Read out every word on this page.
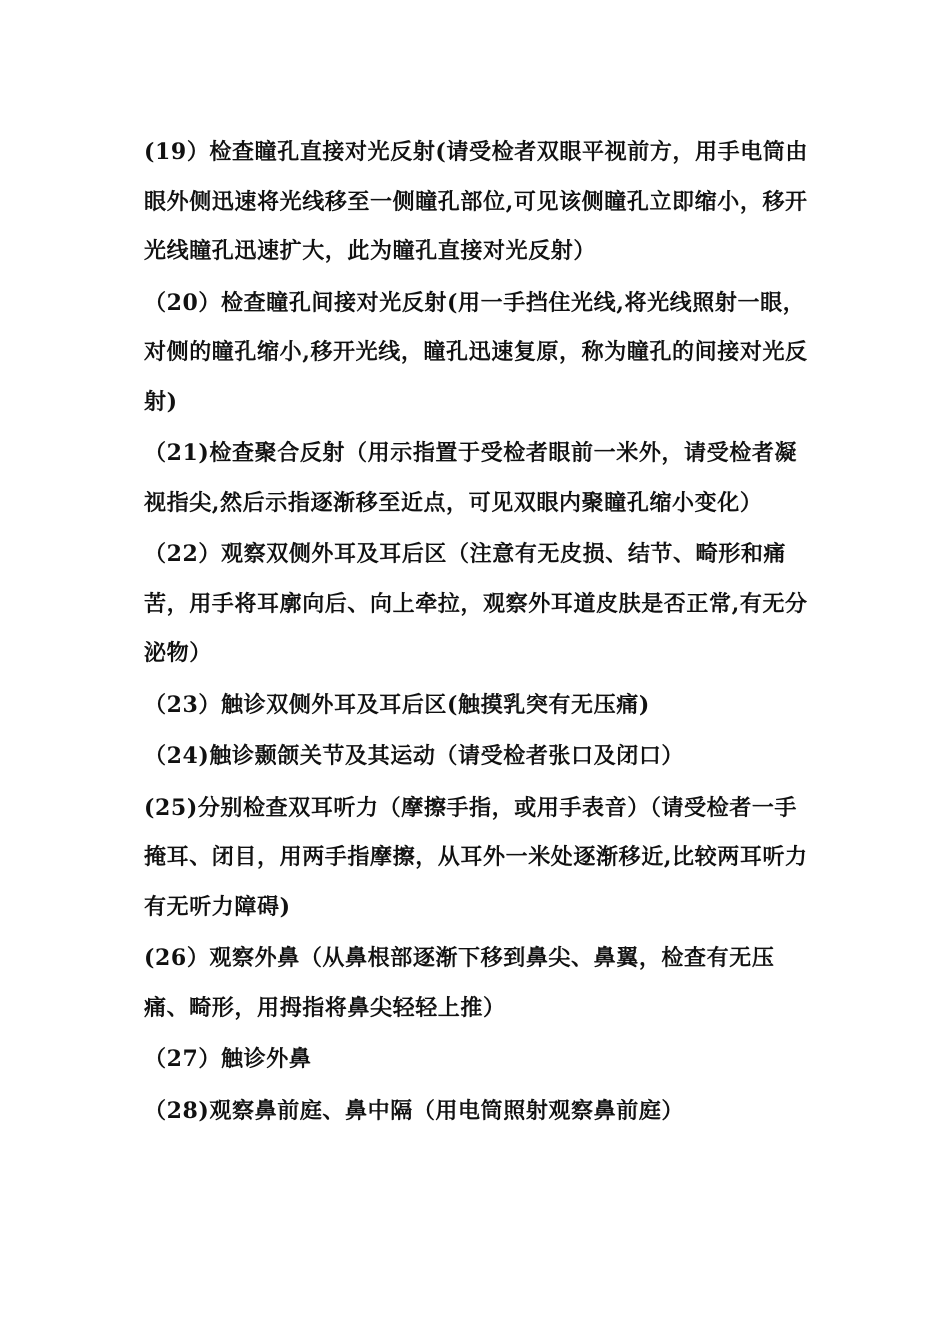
(19）检查瞳孔直接对光反射(请受检者双眼平视前方，用手电筒由眼外侧迅速将光线移至一侧瞳孔部位,可见该侧瞳孔立即缩小，移开光线瞳孔迅速扩大，此为瞳孔直接对光反射）

（20）检查瞳孔间接对光反射(用一手挡住光线,将光线照射一眼，对侧的瞳孔缩小,移开光线，瞳孔迅速复原，称为瞳孔的间接对光反射)

（21)检查聚合反射（用示指置于受检者眼前一米外，请受检者凝视指尖,然后示指逐渐移至近点，可见双眼内聚瞳孔缩小变化）

（22）观察双侧外耳及耳后区（注意有无皮损、结节、畸形和痛苦，用手将耳廓向后、向上牵拉，观察外耳道皮肤是否正常,有无分泌物）

（23）触诊双侧外耳及耳后区(触摸乳突有无压痛)

（24)触诊颞颌关节及其运动（请受检者张口及闭口）

(25)分别检查双耳听力（摩擦手指，或用手表音）（请受检者一手掩耳、闭目，用两手指摩擦，从耳外一米处逐渐移近,比较两耳听力有无听力障碍)

(26）观察外鼻（从鼻根部逐渐下移到鼻尖、鼻翼，检查有无压痛、畸形，用拇指将鼻尖轻轻上推）

（27）触诊外鼻

（28)观察鼻前庭、鼻中隔（用电筒照射观察鼻前庭）
